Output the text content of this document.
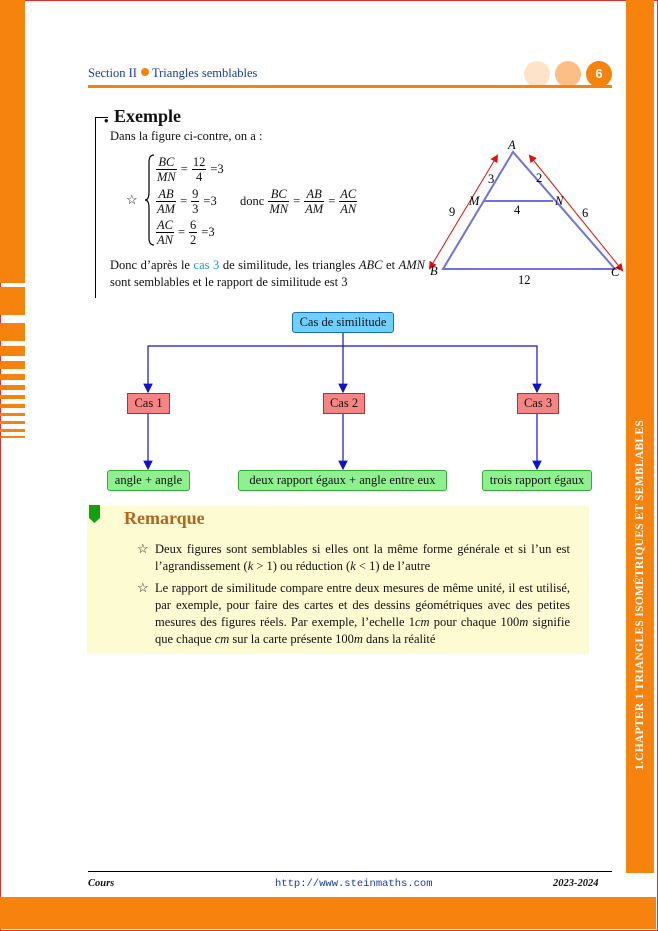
1.CHAPTER 1 TRIANGLES ISOMÉTRIQUES ET SEMBLABLES
Section II Triangles semblables	6
• Exemple
Dans la figure ci-contre, on a :
☆
$\frac{BC}{MN} = \frac{12}{4} =3$
$\frac{AB}{AM} = \frac{9}{3} =3$
$\frac{AC}{AN} = \frac{6}{2} =3$
donc $\frac{BC}{MN} = \frac{AB}{AM} = \frac{AC}{AN}$
Donc d’après le cas 3 de similitude, les triangles ABC et AMN sont semblables et le rapport de similitude est 3
A
B	C
M	N
3	2
4
9	6
12
Cas de similitude
Cas 1	Cas 2	Cas 3
angle + angle	deux rapport égaux + angle entre eux	trois rapport égaux
Remarque
☆ Deux figures sont semblables si elles ont la même forme générale et si l’un est l’agrandissement (k > 1) ou réduction (k < 1) de l’autre
☆ Le rapport de similitude compare entre deux mesures de même unité, il est utilisé, par exemple, pour faire des cartes et des dessins géométriques avec des petites mesures des figures réels. Par exemple, l’echelle 1cm pour chaque 100m signifie que chaque cm sur la carte présente 100m dans la réalité
Cours	http://www.steinmaths.com	2023-2024
